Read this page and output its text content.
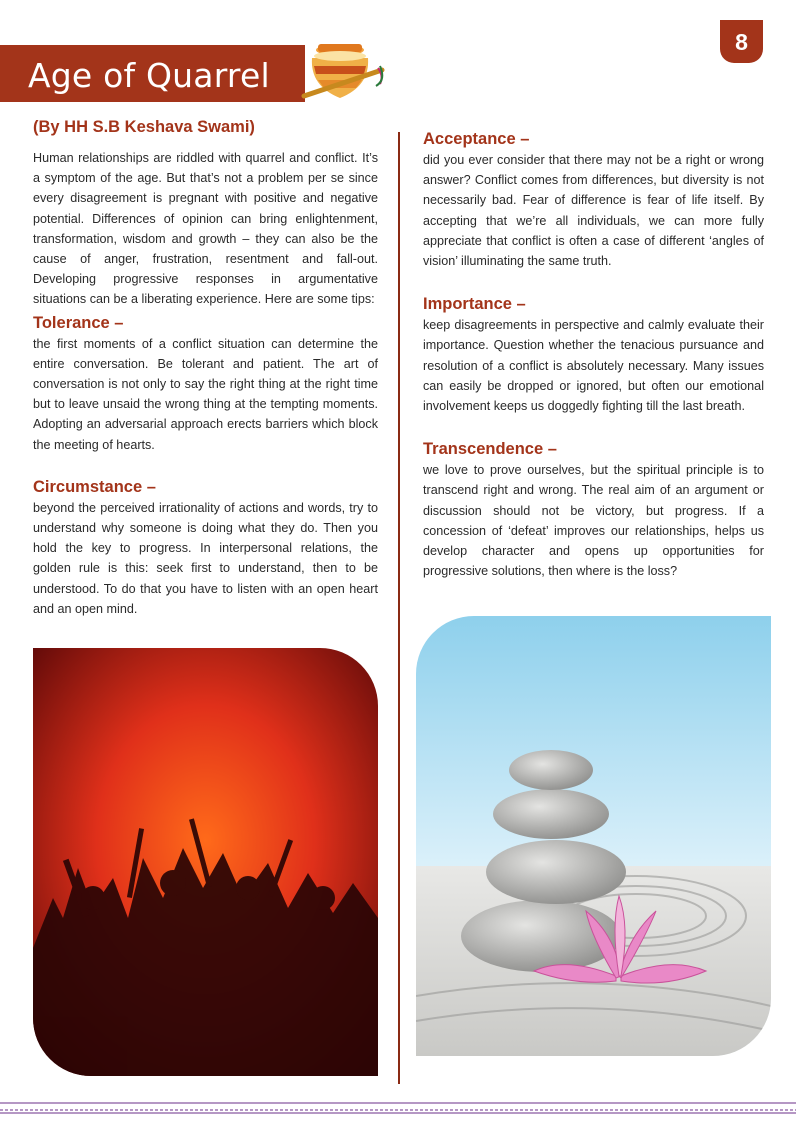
Age of Quarrel
8
(By HH S.B Keshava Swami)

Human relationships are riddled with quarrel and conflict. It’s a symptom of the age. But that’s not a problem per se since every disagreement is pregnant with positive and negative potential. Differences of opinion can bring enlightenment, transformation, wisdom and growth – they can also be the cause of anger, frustration, resentment and fall-out. Developing progressive responses in argumentative situations can be a liberating experience. Here are some tips:

Tolerance –

the first moments of a conflict situation can determine the entire conversation. Be tolerant and patient. The art of conversation is not only to say the right thing at the right time but to leave unsaid the wrong thing at the tempting moments. Adopting an adversarial approach erects barriers which block the meeting of hearts.

Circumstance –

beyond the perceived irrationality of actions and words, try to understand why someone is doing what they do. Then you hold the key to progress. In interpersonal relations, the golden rule is this: seek first to understand, then to be understood. To do that you have to listen with an open heart and an open mind.

Acceptance –

did you ever consider that there may not be a right or wrong answer? Conflict comes from differences, but diversity is not necessarily bad. Fear of difference is fear of life itself. By accepting that we’re all individuals, we can more fully appreciate that conflict is often a case of different ‘angles of vision’ illuminating the same truth.

Importance –

keep disagreements in perspective and calmly evaluate their importance. Question whether the tenacious pursuance and resolution of a conflict is absolutely necessary. Many issues can easily be dropped or ignored, but often our emotional involvement keeps us doggedly fighting till the last breath.

Transcendence –

we love to prove ourselves, but the spiritual principle is to transcend right and wrong. The real aim of an argument or discussion should not be victory, but progress. If a concession of ‘defeat’ improves our relationships, helps us develop character and opens up opportunities for progressive solutions, then where is the loss?
